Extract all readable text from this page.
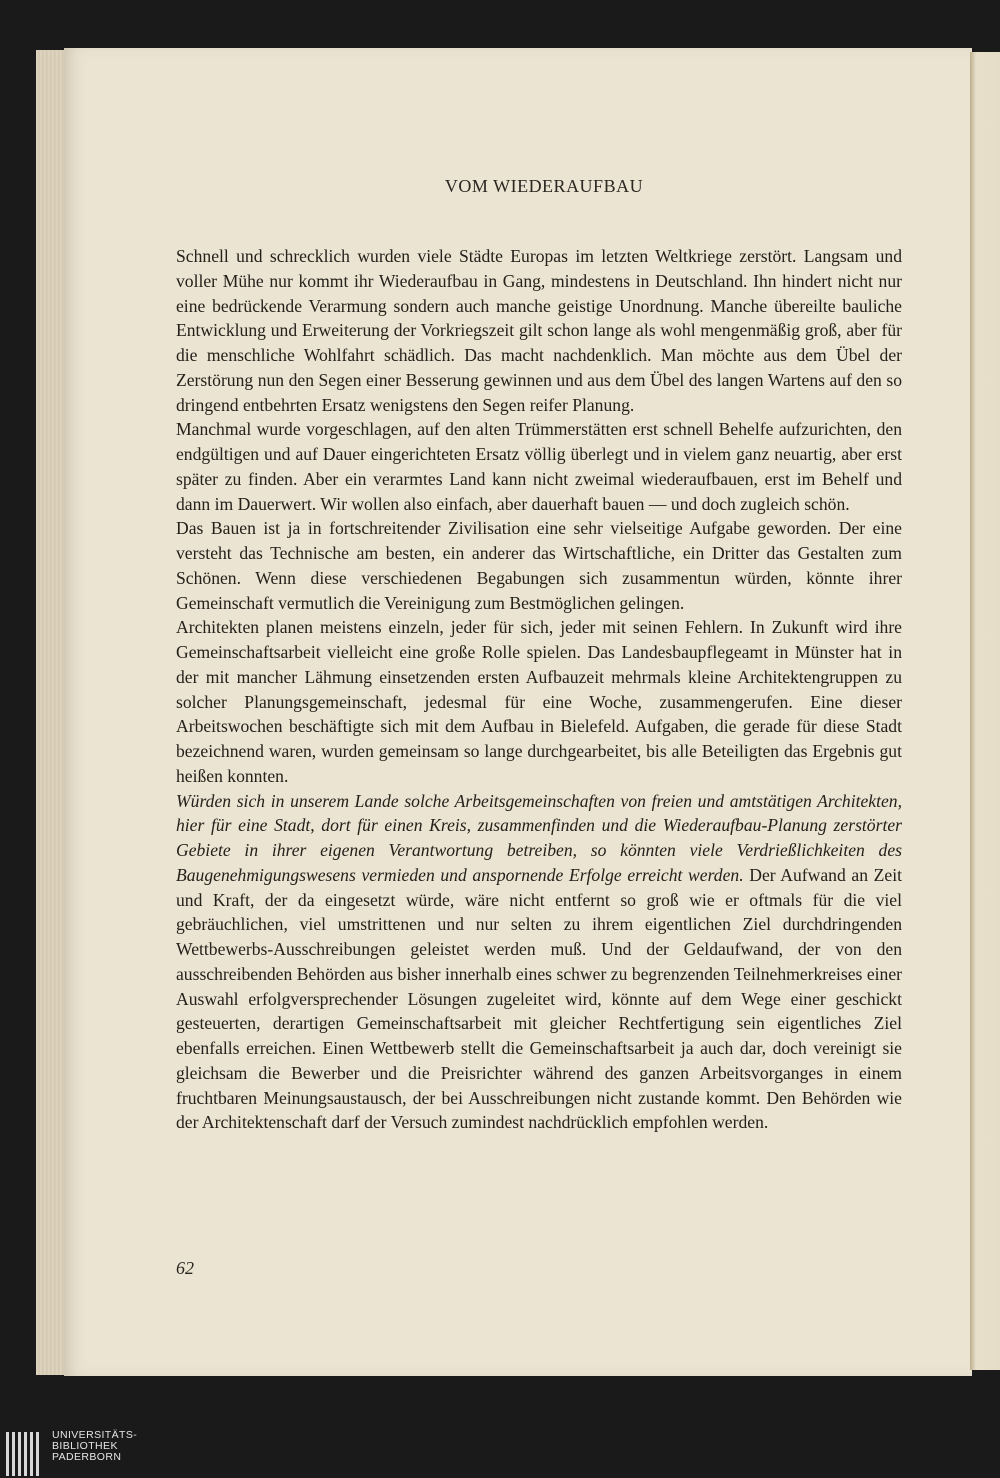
VOM WIEDERAUFBAU

Schnell und schrecklich wurden viele Städte Europas im letzten Weltkriege zerstört. Langsam und voller Mühe nur kommt ihr Wiederaufbau in Gang, mindestens in Deutschland. Ihn hindert nicht nur eine bedrückende Verarmung sondern auch manche geistige Unordnung. Manche übereilte bauliche Entwicklung und Erweiterung der Vorkriegszeit gilt schon lange als wohl mengenmäßig groß, aber für die menschliche Wohlfahrt schädlich. Das macht nachdenklich. Man möchte aus dem Übel der Zerstörung nun den Segen einer Besserung gewinnen und aus dem Übel des langen Wartens auf den so dringend entbehrten Ersatz wenigstens den Segen reifer Planung.

Manchmal wurde vorgeschlagen, auf den alten Trümmerstätten erst schnell Behelfe aufzurichten, den endgültigen und auf Dauer eingerichteten Ersatz völlig überlegt und in vielem ganz neuartig, aber erst später zu finden. Aber ein verarmtes Land kann nicht zweimal wiederaufbauen, erst im Behelf und dann im Dauerwert. Wir wollen also einfach, aber dauerhaft bauen — und doch zugleich schön.

Das Bauen ist ja in fortschreitender Zivilisation eine sehr vielseitige Aufgabe geworden. Der eine versteht das Technische am besten, ein anderer das Wirtschaftliche, ein Dritter das Gestalten zum Schönen. Wenn diese verschiedenen Begabungen sich zusammentun würden, könnte ihrer Gemeinschaft vermutlich die Vereinigung zum Bestmöglichen gelingen.

Architekten planen meistens einzeln, jeder für sich, jeder mit seinen Fehlern. In Zukunft wird ihre Gemeinschaftsarbeit vielleicht eine große Rolle spielen. Das Landesbaupflegeamt in Münster hat in der mit mancher Lähmung einsetzenden ersten Aufbauzeit mehrmals kleine Architektengruppen zu solcher Planungsgemeinschaft, jedesmal für eine Woche, zusammengerufen. Eine dieser Arbeitswochen beschäftigte sich mit dem Aufbau in Bielefeld. Aufgaben, die gerade für diese Stadt bezeichnend waren, wurden gemeinsam so lange durchgearbeitet, bis alle Beteiligten das Ergebnis gut heißen konnten.

Würden sich in unserem Lande solche Arbeitsgemeinschaften von freien und amtstätigen Architekten, hier für eine Stadt, dort für einen Kreis, zusammenfinden und die Wiederaufbau-Planung zerstörter Gebiete in ihrer eigenen Verantwortung betreiben, so könnten viele Verdrießlichkeiten des Baugenehmigungswesens vermieden und anspornende Erfolge erreicht werden. Der Aufwand an Zeit und Kraft, der da eingesetzt würde, wäre nicht entfernt so groß wie er oftmals für die viel gebräuchlichen, viel umstrittenen und nur selten zu ihrem eigentlichen Ziel durchdringenden Wettbewerbs-Ausschreibungen geleistet werden muß. Und der Geldaufwand, der von den ausschreibenden Behörden aus bisher innerhalb eines schwer zu begrenzenden Teilnehmerkreises einer Auswahl erfolgversprechender Lösungen zugeleitet wird, könnte auf dem Wege einer geschickt gesteuerten, derartigen Gemeinschaftsarbeit mit gleicher Rechtfertigung sein eigentliches Ziel ebenfalls erreichen. Einen Wettbewerb stellt die Gemeinschaftsarbeit ja auch dar, doch vereinigt sie gleichsam die Bewerber und die Preisrichter während des ganzen Arbeitsvorganges in einem fruchtbaren Meinungsaustausch, der bei Ausschreibungen nicht zustande kommt. Den Behörden wie der Architektenschaft darf der Versuch zumindest nachdrücklich empfohlen werden.

62
UNIVERSITÄTS-
BIBLIOTHEK
PADERBORN
